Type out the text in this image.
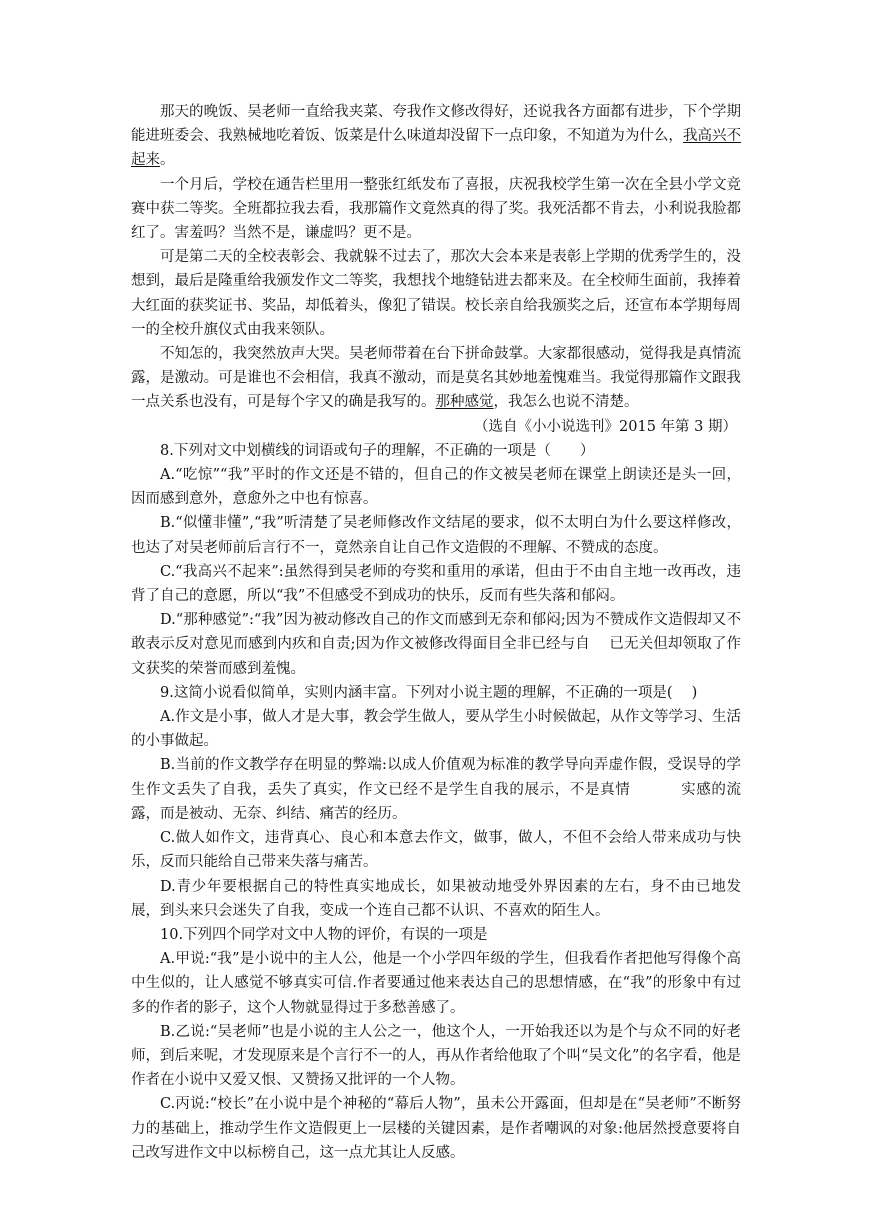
那天的晚饭、吴老师一直给我夹菜、夸我作文修改得好，还说我各方面都有进步，下个学期能进班委会、我熟械地吃着饭、饭菜是什么味道却没留下一点印象，不知道为为什么，我高兴不起来。

一个月后，学校在通告栏里用一整张红纸发布了喜报，庆祝我校学生第一次在全县小学文竞赛中获二等奖。全班都拉我去看，我那篇作文竟然真的得了奖。我死活都不肯去，小利说我脸都红了。害羞吗？当然不是，谦虚吗？更不是。

可是第二天的全校表彰会、我就躲不过去了，那次大会本来是表彰上学期的优秀学生的，没想到，最后是隆重给我颁发作文二等奖，我想找个地缝钻进去都来及。在全校师生面前，我捧着大红面的获奖证书、奖品，却低着头，像犯了错误。校长亲自给我颁奖之后，还宣布本学期每周一的全校升旗仪式由我来领队。

不知怎的，我突然放声大哭。吴老师带着在台下拼命鼓掌。大家都很感动，觉得我是真情流露，是激动。可是谁也不会相信，我真不激动，而是莫名其妙地羞愧难当。我觉得那篇作文跟我一点关系也没有，可是每个字又的确是我写的。那种感觉，我怎么也说不清楚。

（选自《小小说选刊》2015 年第 3 期）

8.下列对文中划横线的词语或句子的理解，不正确的一项是（　　）

A.“吃惊”“我”平时的作文还是不错的，但自己的作文被吴老师在课堂上朗读还是头一回，因而感到意外，意愈外之中也有惊喜。

B.“似懂非懂”,“我”听清楚了吴老师修改作文结尾的要求，似不太明白为什么要这样修改，也达了对吴老师前后言行不一，竟然亲自让自己作文造假的不理解、不赞成的态度。

C.“我高兴不起来”:虽然得到吴老师的夸奖和重用的承诺，但由于不由自主地一改再改，违背了自己的意愿，所以“我”不但感受不到成功的快乐，反而有些失落和郁闷。

D.“那种感觉”:“我”因为被动修改自己的作文而感到无奈和郁闷;因为不赞成作文造假却又不敢表示反对意见而感到内疚和自责;因为作文被修改得面目全非已经与自　 已无关但却领取了作文获奖的荣誉而感到羞愧。

9.这简小说看似简单，实则内涵丰富。下列对小说主题的理解，不正确的一项是(　 )

A.作文是小事，做人才是大事，教会学生做人，要从学生小时候做起，从作文等学习、生活的小事做起。

B.当前的作文教学存在明显的弊端:以成人价值观为标准的教学导向弄虚作假，受误导的学生作文丢失了自我，丢失了真实，作文已经不是学生自我的展示，不是真情　　　 实感的流露，而是被动、无奈、纠结、痛苦的经历。

C.做人如作文，违背真心、良心和本意去作文，做事，做人，不但不会给人带来成功与快乐，反而只能给自己带来失落与痛苦。

D.青少年要根据自己的特性真实地成长，如果被动地受外界因素的左右，身不由已地发展，到头来只会迷失了自我，变成一个连自己都不认识、不喜欢的陌生人。

10.下列四个同学对文中人物的评价，有误的一项是

A.甲说:“我”是小说中的主人公，他是一个小学四年级的学生，但我看作者把他写得像个高中生似的，让人感觉不够真实可信.作者要通过他来表达自己的思想情感，在“我”的形象中有过多的作者的影子，这个人物就显得过于多愁善感了。

B.乙说:“吴老师”也是小说的主人公之一，他这个人，一开始我还以为是个与众不同的好老师，到后来呢，才发现原来是个言行不一的人，再从作者给他取了个叫“吴文化”的名字看，他是作者在小说中又爱又恨、又赞扬又批评的一个人物。

C.丙说:“校长”在小说中是个神秘的“幕后人物”，虽未公开露面，但却是在“吴老师”不断努力的基础上，推动学生作文造假更上一层楼的关键因素，是作者嘲讽的对象:他居然授意要将自己改写进作文中以标榜自己，这一点尤其让人反感。
